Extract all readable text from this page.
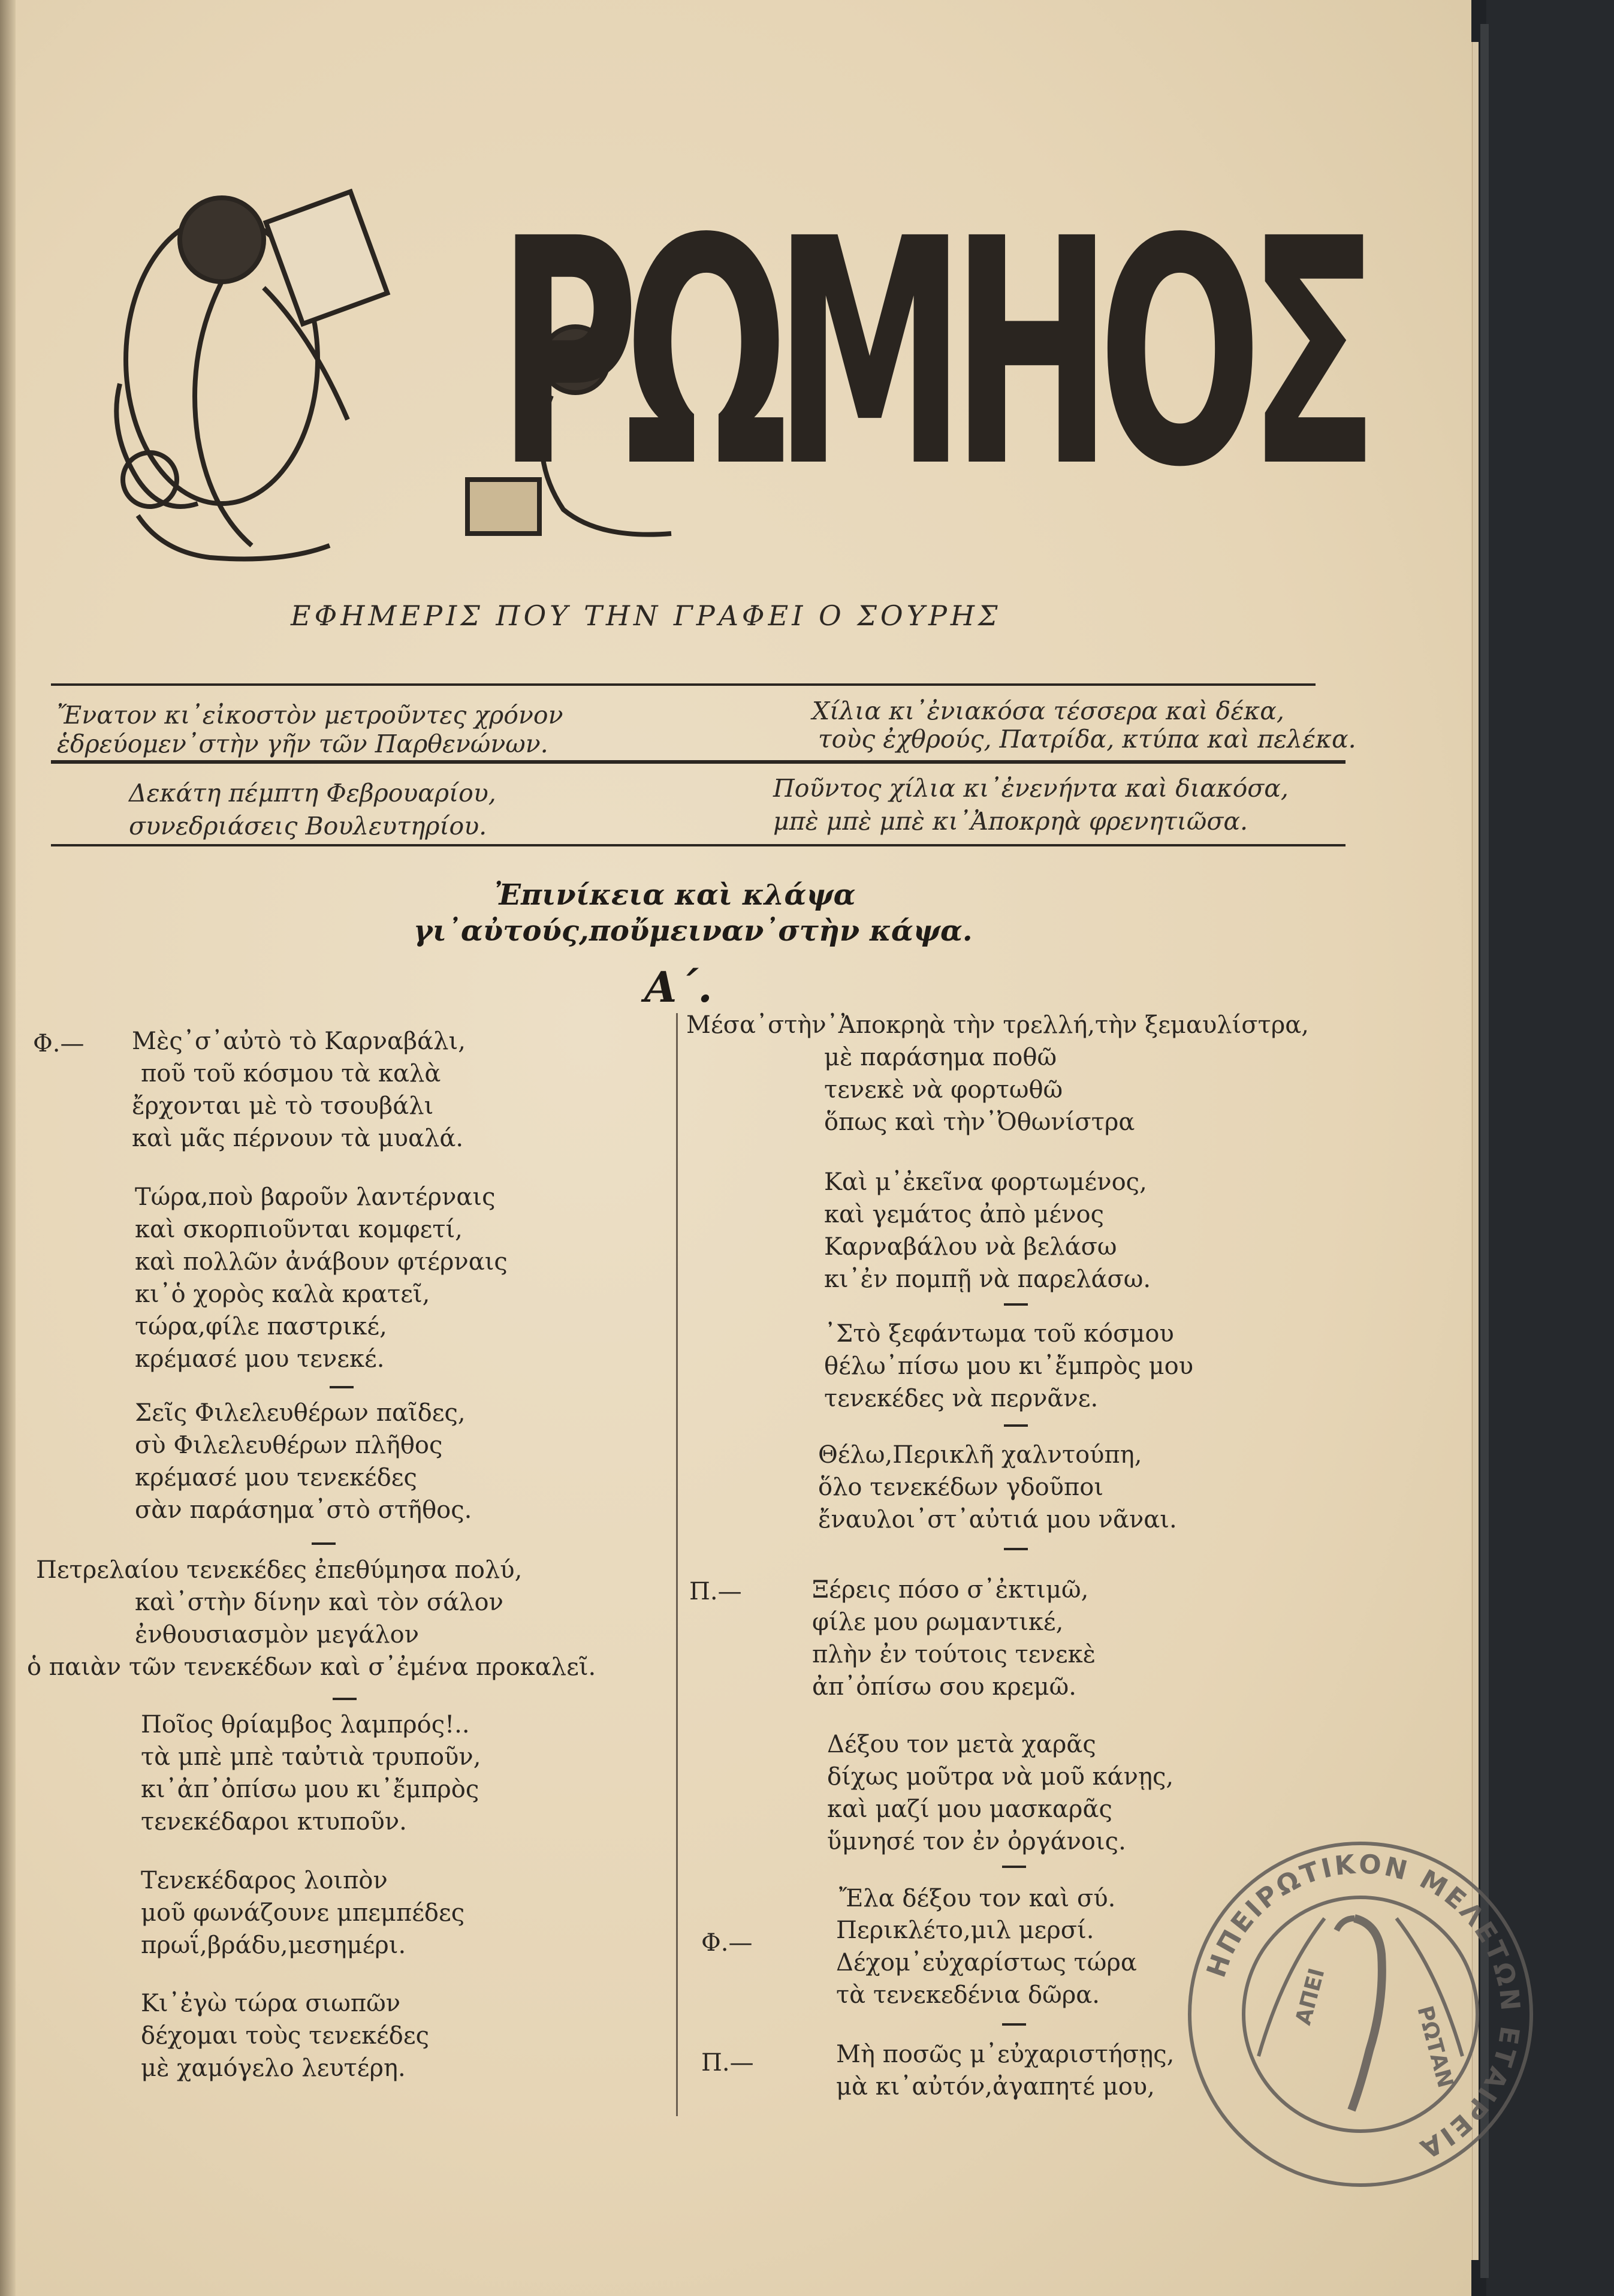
ΡΩΜΗΟΣ
ΕΦΗΜΕΡΙΣ ΠΟΥ ΤΗΝ ΓΡΑΦΕΙ Ο ΣΟΥΡΗΣ
Ἔνατον κι᾽εἰκοστὸν μετροῦντες χρόνον
ἑδρεύομεν᾽στὴν γῆν τῶν Παρθενώνων.
Χίλια κι᾽ἐνιακόσα τέσσερα καὶ δέκα,
τοὺς ἐχθρούς, Πατρίδα, κτύπα καὶ πελέκα.
Δεκάτη πέμπτη Φεβρουαρίου,
συνεδριάσεις Βουλευτηρίου.
Ποῦντος χίλια κι᾽ἐνενήντα καὶ διακόσα,
μπὲ μπὲ μπὲ κι᾽Ἀποκρηὰ φρενητιῶσα.
Ἐπινίκεια καὶ κλάψα
γι᾽αὐτούς,ποὔμειναν᾽στὴν κάψα.
Α΄.
Φ.— Μὲς᾽σ᾽αὐτὸ τὸ Καρναβάλι,
ποῦ τοῦ κόσμου τὰ καλὰ
ἔρχονται μὲ τὸ τσουβάλι
καὶ μᾶς πέρνουν τὰ μυαλά.
Τώρα,ποὺ βαροῦν λαντέρναις
καὶ σκορπιοῦνται κομφετί,
καὶ πολλῶν ἀνάβουν φτέρναις
κι᾽ὁ χορὸς καλὰ κρατεῖ,
τώρα,φίλε παστρικέ,
κρέμασέ μου τενεκέ.
Σεῖς Φιλελευθέρων παῖδες,
σὺ Φιλελευθέρων πλῆθος
κρέμασέ μου τενεκέδες
σὰν παράσημα᾽στὸ στῆθος.
Πετρελαίου τενεκέδες ἐπεθύμησα πολύ,
καὶ᾽στὴν δίνην καὶ τὸν σάλον
ἐνθουσιασμὸν μεγάλον
ὁ παιὰν τῶν τενεκέδων καὶ σ᾽ἐμένα προκαλεῖ.
Ποῖος θρίαμβος λαμπρός!..
τὰ μπὲ μπὲ ταὐτιὰ τρυποῦν,
κι᾽ἀπ᾽ὀπίσω μου κι᾽ἔμπρὸς
τενεκέδαροι κτυποῦν.
Τενεκέδαρος λοιπὸν
μοῦ φωνάζουνε μπεμπέδες
πρωΐ,βράδυ,μεσημέρι.
Κι᾽ἐγὼ τώρα σιωπῶν
δέχομαι τοὺς τενεκέδες
μὲ χαμόγελο λευτέρη.
Μέσα᾽στὴν᾽Ἀποκρηὰ τὴν τρελλή,τὴν ξεμαυλίστρα,
μὲ παράσημα ποθῶ
τενεκὲ νὰ φορτωθῶ
ὅπως καὶ τὴν᾽Ὀθωνίστρα
Καὶ μ᾽ἐκεῖνα φορτωμένος,
καὶ γεμάτος ἀπὸ μένος
Καρναβάλου νὰ βελάσω
κι᾽ἐν πομπῇ νὰ παρελάσω.
᾽Στὸ ξεφάντωμα τοῦ κόσμου
θέλω᾽πίσω μου κι᾽ἔμπρὸς μου
τενεκέδες νὰ περνᾶνε.
Θέλω,Περικλῆ χαλντούπη,
ὅλο τενεκέδων γδοῦποι
ἔναυλοι᾽στ᾽αὐτιά μου νᾶναι.
Π.—	Ξέρεις πόσο σ᾽ἐκτιμῶ,
φίλε μου ρωμαντικέ,
πλὴν ἐν τούτοις τενεκὲ
ἀπ᾽ὀπίσω σου κρεμῶ.
Δέξου τον μετὰ χαρᾶς
δίχως μοῦτρα νὰ μοῦ κάνῃς,
καὶ μαζί μου μασκαρᾶς
ὕμνησέ τον ἐν ὀργάνοις.
Ἔλα δέξου τον καὶ σύ.
Φ.—	Περικλέτο,μιλ μερσί.
Δέχομ᾽εὐχαρίστως τώρα
τὰ τενεκεδένια δῶρα.
Π.—	Μὴ ποσῶς μ᾽εὐχαριστήσῃς,
μὰ κι᾽αὐτόν,ἀγαπητέ μου,
ΗΠΕΙΡΩΤΙΚΟΝ ΜΕΛΕΤΩΝ ΕΤΑΙΡΕΙΑ
ΑΠΕΙ
ΡΩΤΑΝ
